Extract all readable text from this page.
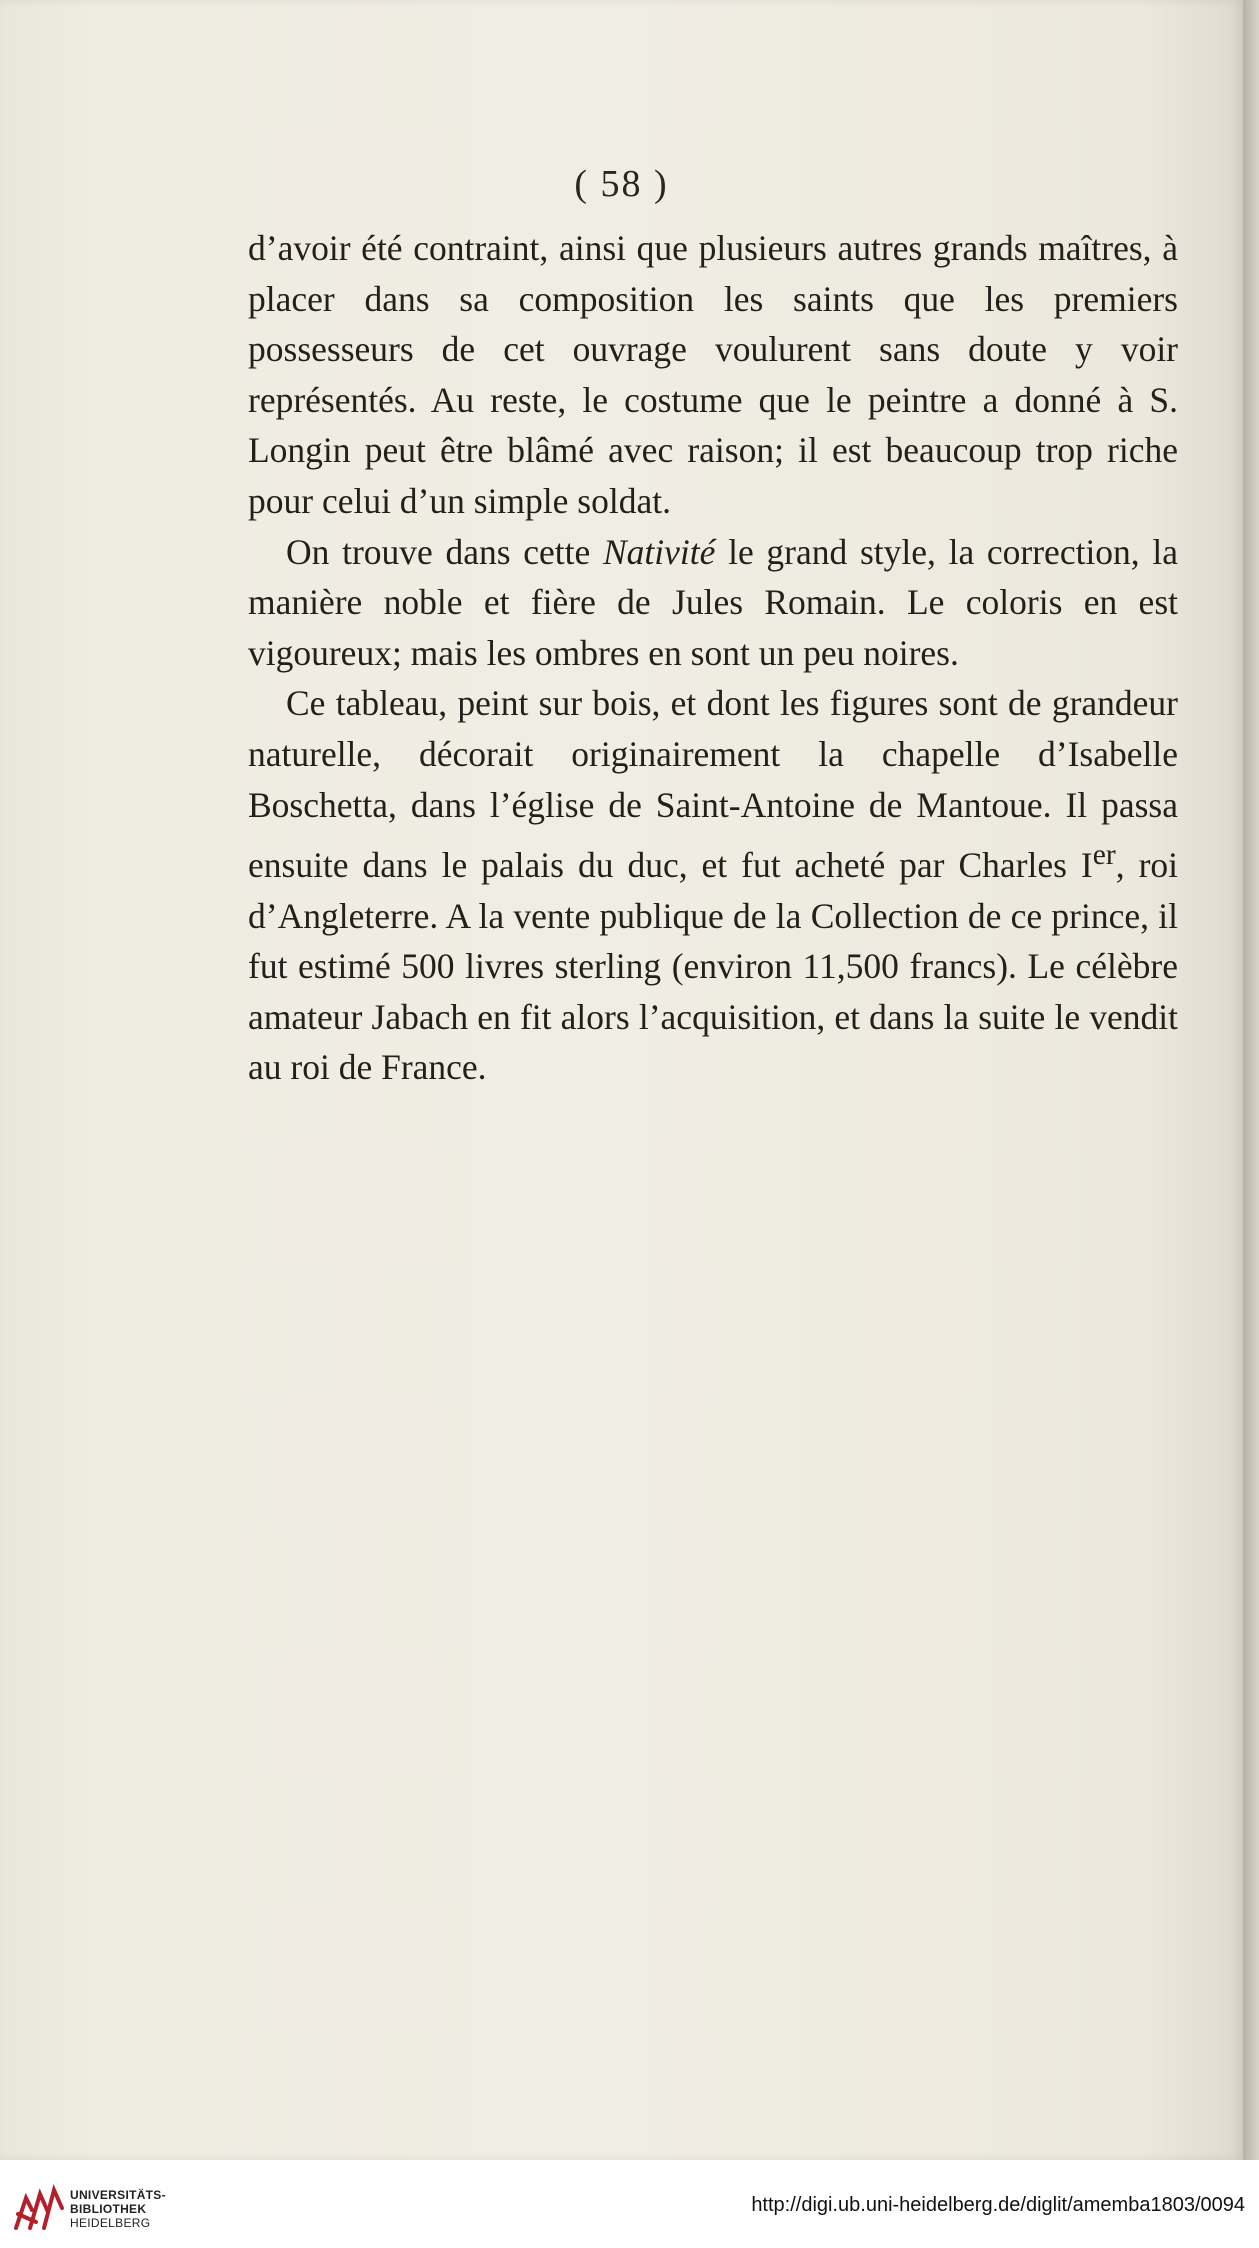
( 58 )

d’avoir été contraint, ainsi que plusieurs autres grands maîtres, à placer dans sa composition les saints que les premiers possesseurs de cet ouvrage voulurent sans doute y voir représentés. Au reste, le costume que le peintre a donné à S. Longin peut être blâmé avec raison; il est beaucoup trop riche pour celui d’un simple soldat.

On trouve dans cette Nativité le grand style, la correction, la manière noble et fière de Jules Romain. Le coloris en est vigoureux; mais les ombres en sont un peu noires.

Ce tableau, peint sur bois, et dont les figures sont de grandeur naturelle, décorait originairement la chapelle d’Isabelle Boschetta, dans l’église de Saint-Antoine de Mantoue. Il passa ensuite dans le palais du duc, et fut acheté par Charles Ier, roi d’Angleterre. A la vente publique de la Collection de ce prince, il fut estimé 500 livres sterling (environ 11,500 francs). Le célèbre amateur Jabach en fit alors l’acquisition, et dans la suite le vendit au roi de France.

UNIVERSITÄTS-
BIBLIOTHEK
HEIDELBERG
http://digi.ub.uni-heidelberg.de/diglit/amemba1803/0094
